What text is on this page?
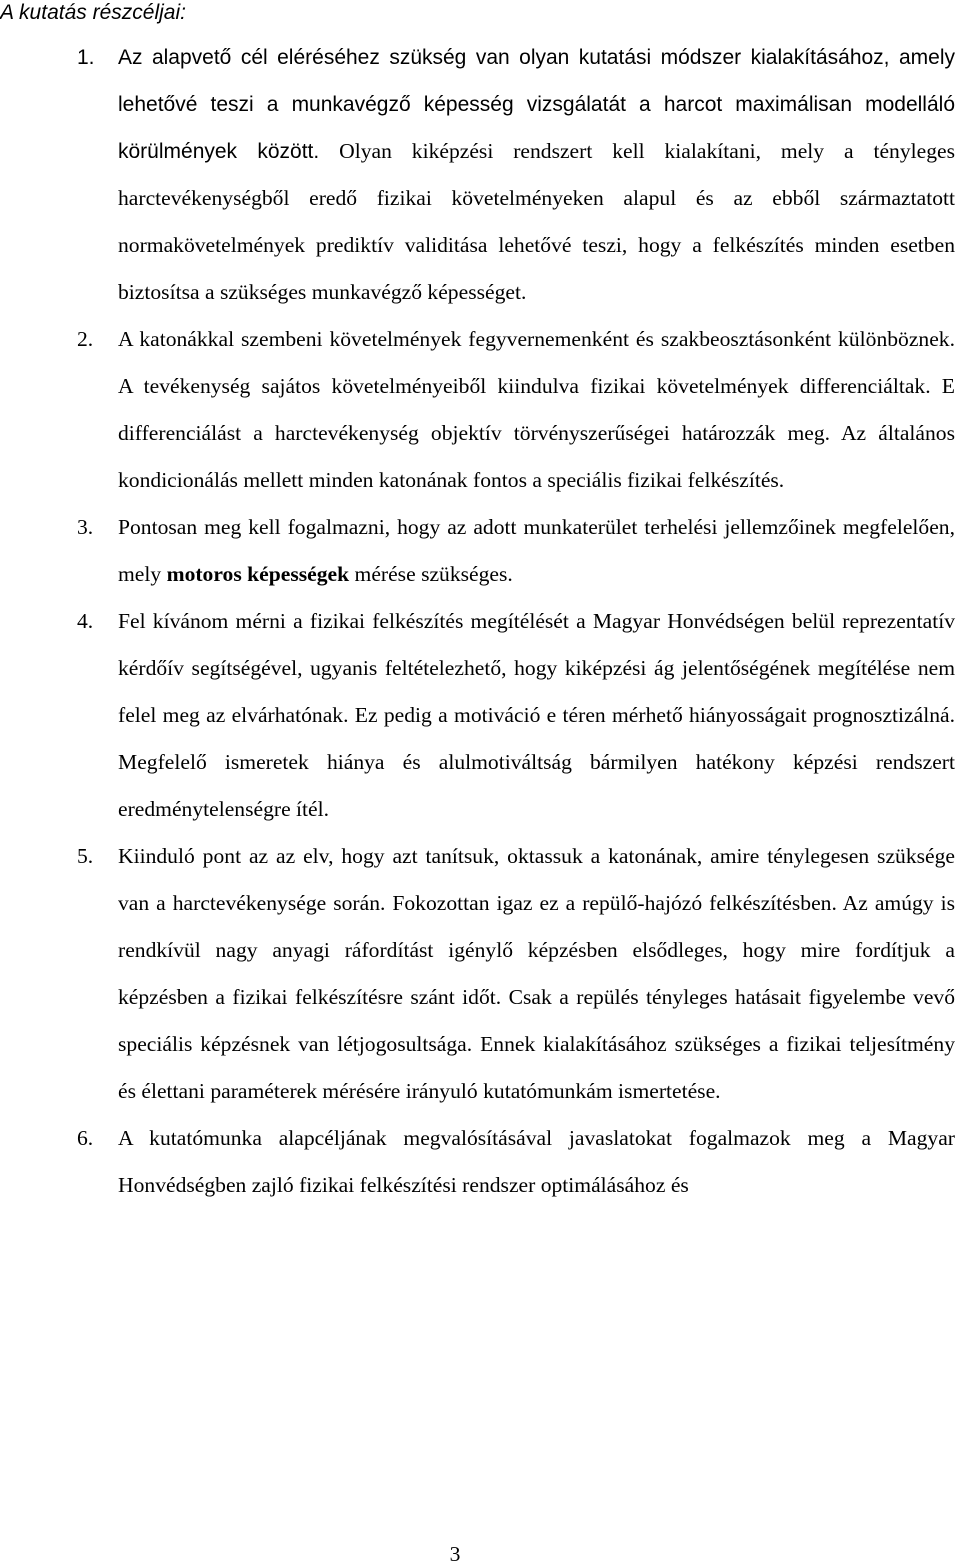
A kutatás részcéljai:
1. Az alapvető cél eléréséhez szükség van olyan kutatási módszer kialakításához, amely lehetővé teszi a munkavégző képesség vizsgálatát a harcot maximálisan modelláló körülmények között. Olyan kiképzési rendszert kell kialakítani, mely a tényleges harctevékenységből eredő fizikai követelményeken alapul és az ebből származtatott normakövetelmények prediktív validitása lehetővé teszi, hogy a felkészítés minden esetben biztosítsa a szükséges munkavégző képességet.
2. A katonákkal szembeni követelmények fegyvernemenként és szakbeosztásonként különböznek. A tevékenység sajátos követelményeiből kiindulva fizikai követelmények differenciáltak. E differenciálást a harctevékenység objektív törvényszerűségei határozzák meg. Az általános kondicionálás mellett minden katonának fontos a speciális fizikai felkészítés.
3. Pontosan meg kell fogalmazni, hogy az adott munkaterület terhelési jellemzőinek megfelelően, mely motoros képességek mérése szükséges.
4. Fel kívánom mérni a fizikai felkészítés megítélését a Magyar Honvédségen belül reprezentatív kérdőív segítségével, ugyanis feltételezhető, hogy kiképzési ág jelentőségének megítélése nem felel meg az elvárhatónak. Ez pedig a motiváció e téren mérhető hiányosságait prognosztizálná. Megfelelő ismeretek hiánya és alulmotiváltság bármilyen hatékony képzési rendszert eredménytelenségre ítél.
5. Kiinduló pont az az elv, hogy azt tanítsuk, oktassuk a katonának, amire ténylegesen szüksége van a harctevékenysége során. Fokozottan igaz ez a repülő-hajózó felkészítésben. Az amúgy is rendkívül nagy anyagi ráfordítást igénylő képzésben elsődleges, hogy mire fordítjuk a képzésben a fizikai felkészítésre szánt időt. Csak a repülés tényleges hatásait figyelembe vevő speciális képzésnek van létjogosultsága. Ennek kialakításához szükséges a fizikai teljesítmény és élettani paraméterek mérésére irányuló kutatómunkám ismertetése.
6. A kutatómunka alapcéljának megvalósításával javaslatokat fogalmazok meg a Magyar Honvédségben zajló fizikai felkészítési rendszer optimálásához és
3
